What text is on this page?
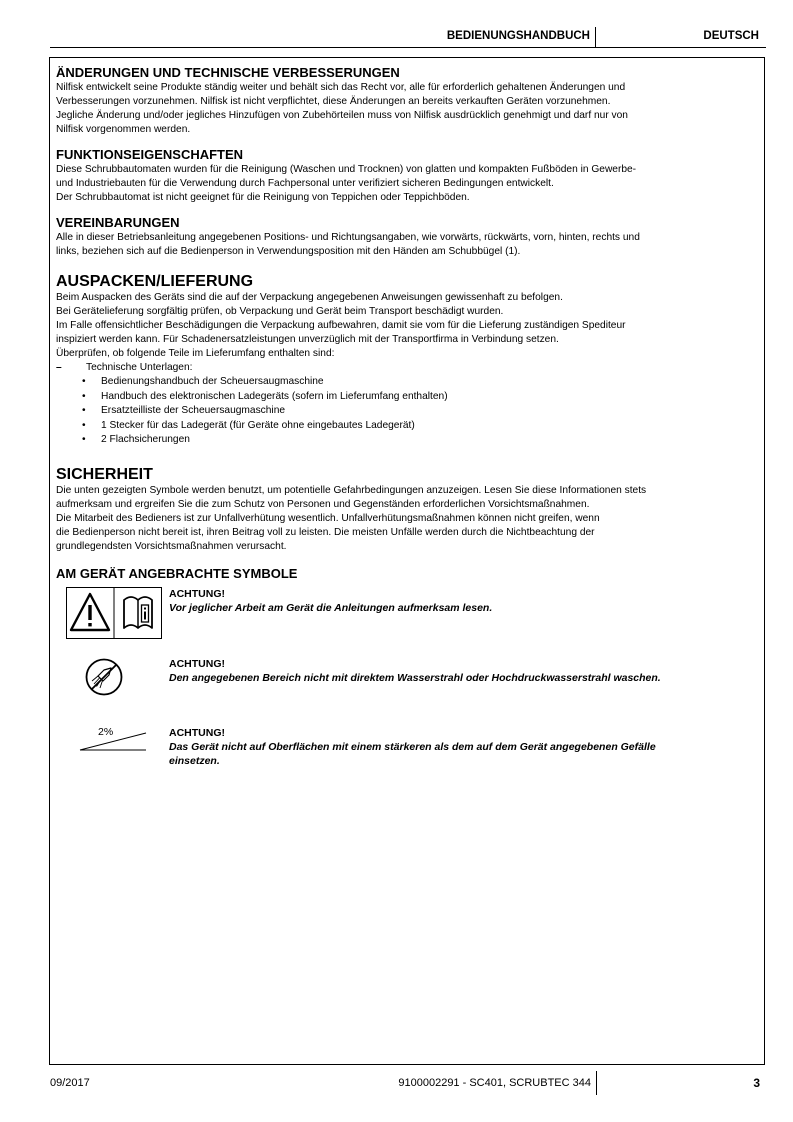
BEDIENUNGSHANDBUCH	DEUTSCH
ÄNDERUNGEN UND TECHNISCHE VERBESSERUNGEN

Nilfisk entwickelt seine Produkte ständig weiter und behält sich das Recht vor, alle für erforderlich gehaltenen Änderungen und

Verbesserungen vorzunehmen. Nilfisk ist nicht verpflichtet, diese Änderungen an bereits verkauften Geräten vorzunehmen.

Jegliche Änderung und/oder jegliches Hinzufügen von Zubehörteilen muss von Nilfisk ausdrücklich genehmigt und darf nur von

Nilfisk vorgenommen werden.

FUNKTIONSEIGENSCHAFTEN

Diese Schrubbautomaten wurden für die Reinigung (Waschen und Trocknen) von glatten und kompakten Fußböden in Gewerbe-

und Industriebauten für die Verwendung durch Fachpersonal unter verifiziert sicheren Bedingungen entwickelt.

Der Schrubbautomat ist nicht geeignet für die Reinigung von Teppichen oder Teppichböden.

VEREINBARUNGEN

Alle in dieser Betriebsanleitung angegebenen Positions- und Richtungsangaben, wie vorwärts, rückwärts, vorn, hinten, rechts und

links, beziehen sich auf die Bedienperson in Verwendungsposition mit den Händen am Schubbügel (1).

AUSPACKEN/LIEFERUNG

Beim Auspacken des Geräts sind die auf der Verpackung angegebenen Anweisungen gewissenhaft zu befolgen.

Bei Gerätelieferung sorgfältig prüfen, ob Verpackung und Gerät beim Transport beschädigt wurden.

Im Falle offensichtlicher Beschädigungen die Verpackung aufbewahren, damit sie vom für die Lieferung zuständigen Spediteur

inspiziert werden kann. Für Schadenersatzleistungen unverzüglich mit der Transportfirma in Verbindung setzen.

Überprüfen, ob folgende Teile im Lieferumfang enthalten sind:

– Technische Unterlagen:
• Bedienungshandbuch der Scheuersaugmaschine
• Handbuch des elektronischen Ladegeräts (sofern im Lieferumfang enthalten)
• Ersatzteilliste der Scheuersaugmaschine
• 1 Stecker für das Ladegerät (für Geräte ohne eingebautes Ladegerät)
• 2 Flachsicherungen
SICHERHEIT

Die unten gezeigten Symbole werden benutzt, um potentielle Gefahrbedingungen anzuzeigen. Lesen Sie diese Informationen stets

aufmerksam und ergreifen Sie die zum Schutz von Personen und Gegenständen erforderlichen Vorsichtsmaßnahmen.

Die Mitarbeit des Bedieners ist zur Unfallverhütung wesentlich. Unfallverhütungsmaßnahmen können nicht greifen, wenn

die Bedienperson nicht bereit ist, ihren Beitrag voll zu leisten. Die meisten Unfälle werden durch die Nichtbeachtung der

grundlegendsten Vorsichtsmaßnahmen verursacht.

AM GERÄT ANGEBRACHTE SYMBOLE
ACHTUNG!
Vor jeglicher Arbeit am Gerät die Anleitungen aufmerksam lesen.
ACHTUNG!
Den angegebenen Bereich nicht mit direktem Wasserstrahl oder Hochdruckwasserstrahl waschen.
2%	ACHTUNG!
Das Gerät nicht auf Oberflächen mit einem stärkeren als dem auf dem Gerät angegebenen Gefälle
einsetzen.
09/2017	9100002291 - SC401, SCRUBTEC 344	3
